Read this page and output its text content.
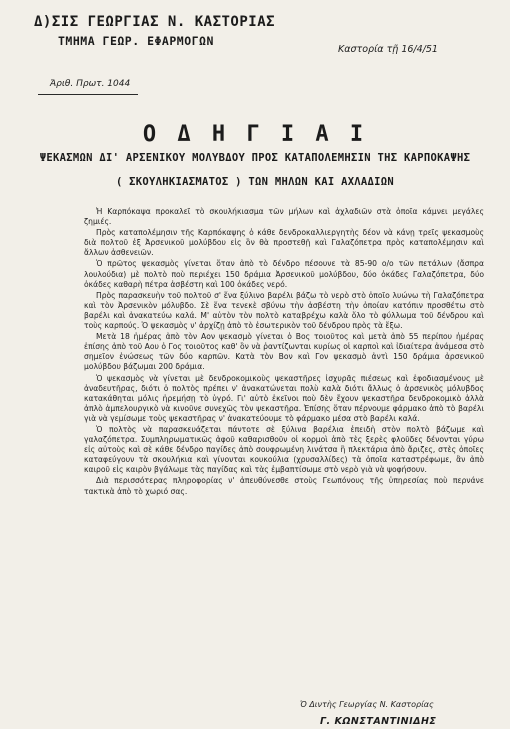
Δ)ΣΙΣ ΓΕΩΡΓΙΑΣ Ν. ΚΑΣΤΟΡΙΑΣ
ΤΜΗΜΑ ΓΕΩΡ. ΕΦΑΡΜΟΓΩΝ
Καστορία τῇ 16/4/51
Ἀριθ. Πρωτ. 1044
Ο Δ Η Γ Ι Α Ι
ΨΕΚΑΣΜΩΝ ΔΙ' ΑΡΣΕΝΙΚΟΥ ΜΟΛΥΒΔΟΥ ΠΡΟΣ ΚΑΤΑΠΟΛΕΜΗΣΙΝ ΤΗΣ ΚΑΡΠΟΚΑΨΗΣ
( ΣΚΟΥΛΗΚΙΑΣΜΑΤΟΣ ) ΤΩΝ ΜΗΛΩΝ ΚΑΙ ΑΧΛΑΔΙΩΝ

Ἡ Καρπόκαψα προκαλεῖ τὸ σκουλήκιασμα τῶν μήλων καὶ ἀχλαδιῶν στὰ ὁποῖα κάμνει μεγάλες ζημιές.

Πρὸς καταπολέμησιν τῆς Καρπόκαψης ὁ κάθε δενδροκαλλιεργητὴς δέον νὰ κάνῃ τρεῖς ψεκασμοὺς διὰ πολτοῦ ἐξ Ἀρσενικοῦ μολύβδου εἰς ὃν θὰ προστεθῇ καὶ Γαλαζόπετρα πρὸς καταπολέμησιν καὶ ἄλλων ἀσθενειῶν.

Ὁ πρῶτος ψεκασμὸς γίνεται ὅταν ἀπὸ τὸ δένδρο πέσουνε τὰ 85-90 ο/ο τῶν πετάλων (ἄσπρα λουλούδια) μὲ πολτὸ ποὺ περιέχει 150 δράμια Ἀρσενικοῦ μολύβδου, δύο ὀκάδες Γαλαζόπετρα, δύο ὀκάδες καθαρὴ πέτρα ἀσβέστη καὶ 100 ὀκάδες νερό.

Πρὸς παρασκευὴν τοῦ πολτοῦ σ' ἕνα ξύλινο βαρέλι βάζω τὸ νερὸ στὸ ὁποῖο λυώνω τὴ Γαλαζόπετρα καὶ τὸν Ἀρσενικὸν μόλυβδο. Σὲ ἕνα τενεκὲ σβύνω τὴν ἀσβέστη τὴν ὁποίαν κατόπιν προσθέτω στὸ βαρέλι καὶ ἀνακατεύω καλά. Μ' αὐτὸν τὸν πολτὸ καταβρέχω καλὰ ὅλο τὸ φύλλωμα τοῦ δένδρου καὶ τοὺς καρπούς. Ὁ ψεκασμὸς ν' ἀρχίζῃ ἀπὸ τὸ ἐσωτερικὸν τοῦ δένδρου πρὸς τὰ ἔξω.

Μετὰ 18 ἡμέρας ἀπὸ τὸν Αον ψεκασμὸ γίνεται ὁ Βος τοιοῦτος καὶ μετὰ ἀπὸ 55 περίπου ἡμέρας ἐπίσης ἀπὸ τοῦ Αου ὁ Γος τοιοῦτος καθ' ὃν νὰ ῥαντίζωνται κυρίως οἱ καρποὶ καὶ ἰδιαίτερα ἀνάμεσα στὸ σημεῖον ἑνώσεως τῶν δύο καρπῶν. Κατὰ τὸν Βον καὶ Γον ψεκασμὸ ἀντὶ 150 δράμια ἀρσενικοῦ μολύβδου βάζωμαι 200 δράμια.

Ὁ ψεκασμὸς νὰ γίνεται μὲ δενδροκομικοὺς ψεκαστῆρες ἰσχυρᾶς πιέσεως καὶ ἐφοδιασμένους μὲ ἀναδευτῆρας, διότι ὁ πολτὸς πρέπει ν' ἀνακατώνεται πολὺ καλὰ διότι ἄλλως ὁ ἀρσενικὸς μόλυβδος κατακάθηται μόλις ἠρεμήσῃ τὸ ὑγρό. Γι' αὐτὸ ἐκεῖνοι ποὺ δὲν ἔχουν ψεκαστῆρα δενδροκομικὸ ἀλλὰ ἀπλὸ ἀμπελουργικὸ νὰ κινοῦνε συνεχῶς τὸν ψεκαστῆρα. Ἐπίσης ὅταν πέρνουμε φάρμακο ἀπὸ τὸ βαρέλι γιὰ νὰ γεμίσωμε τοὺς ψεκαστῆρας ν' ἀνακατεύουμε τὸ φάρμακο μέσα στὸ βαρέλι καλά.

Ὁ πολτὸς νὰ παρασκευάζεται πάντοτε σὲ ξύλινα βαρέλια ἐπειδὴ στὸν πολτὸ βάζωμε καὶ γαλαζόπετρα. Συμπληρωματικῶς ἀφοῦ καθαρισθοῦν οἱ κορμοὶ ἀπὸ τὲς ξερὲς φλοῦδες δένονται γύρω εἰς αὐτοὺς καὶ σὲ κάθε δένδρο παγίδες ἀπὸ σουφρωμένη λινάτσα ἢ πλεκτάρια ἀπὸ ἄριζες, στὲς ὁποῖες καταφεύγουν τὰ σκουλήκια καὶ γίνονται κουκούλια (χρυσαλλίδες) τὰ ὁποῖα καταστρέφωμε, ἂν ἀπὸ καιροῦ εἰς καιρὸν βγάλωμε τὰς παγίδας καὶ τὰς ἐμβαπτίσωμε στὸ νερὸ γιὰ νὰ ψοφήσουν.

Διὰ περισσότερας πληροφορίας ν' ἀπευθύνεσθε στοὺς Γεωπόνους τῆς ὑπηρεσίας ποὺ περνάνε τακτικὰ ἀπὸ τὸ χωριό σας.

Ὁ Διντὴς Γεωργίας Ν. Καστορίας
Γ. ΚΩΝΣΤΑΝΤΙΝΙΔΗΣ
